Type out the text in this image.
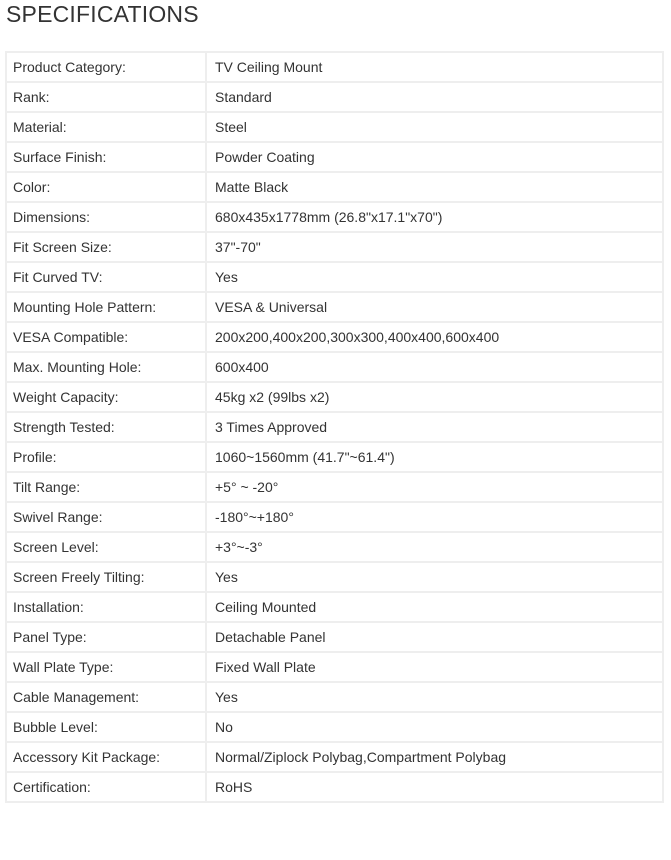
SPECIFICATIONS
Product Category:	TV Ceiling Mount
Rank:	Standard
Material:	Steel
Surface Finish:	Powder Coating
Color:	Matte Black
Dimensions:	680x435x1778mm (26.8"x17.1"x70")
Fit Screen Size:	37"-70"
Fit Curved TV:	Yes
Mounting Hole Pattern:	VESA & Universal
VESA Compatible:	200x200,400x200,300x300,400x400,600x400
Max. Mounting Hole:	600x400
Weight Capacity:	45kg x2 (99lbs x2)
Strength Tested:	3 Times Approved
Profile:	1060~1560mm (41.7"~61.4")
Tilt Range:	+5° ~ -20°
Swivel Range:	-180°~+180°
Screen Level:	+3°~-3°
Screen Freely Tilting:	Yes
Installation:	Ceiling Mounted
Panel Type:	Detachable Panel
Wall Plate Type:	Fixed Wall Plate
Cable Management:	Yes
Bubble Level:	No
Accessory Kit Package:	Normal/Ziplock Polybag,Compartment Polybag
Certification:	RoHS
